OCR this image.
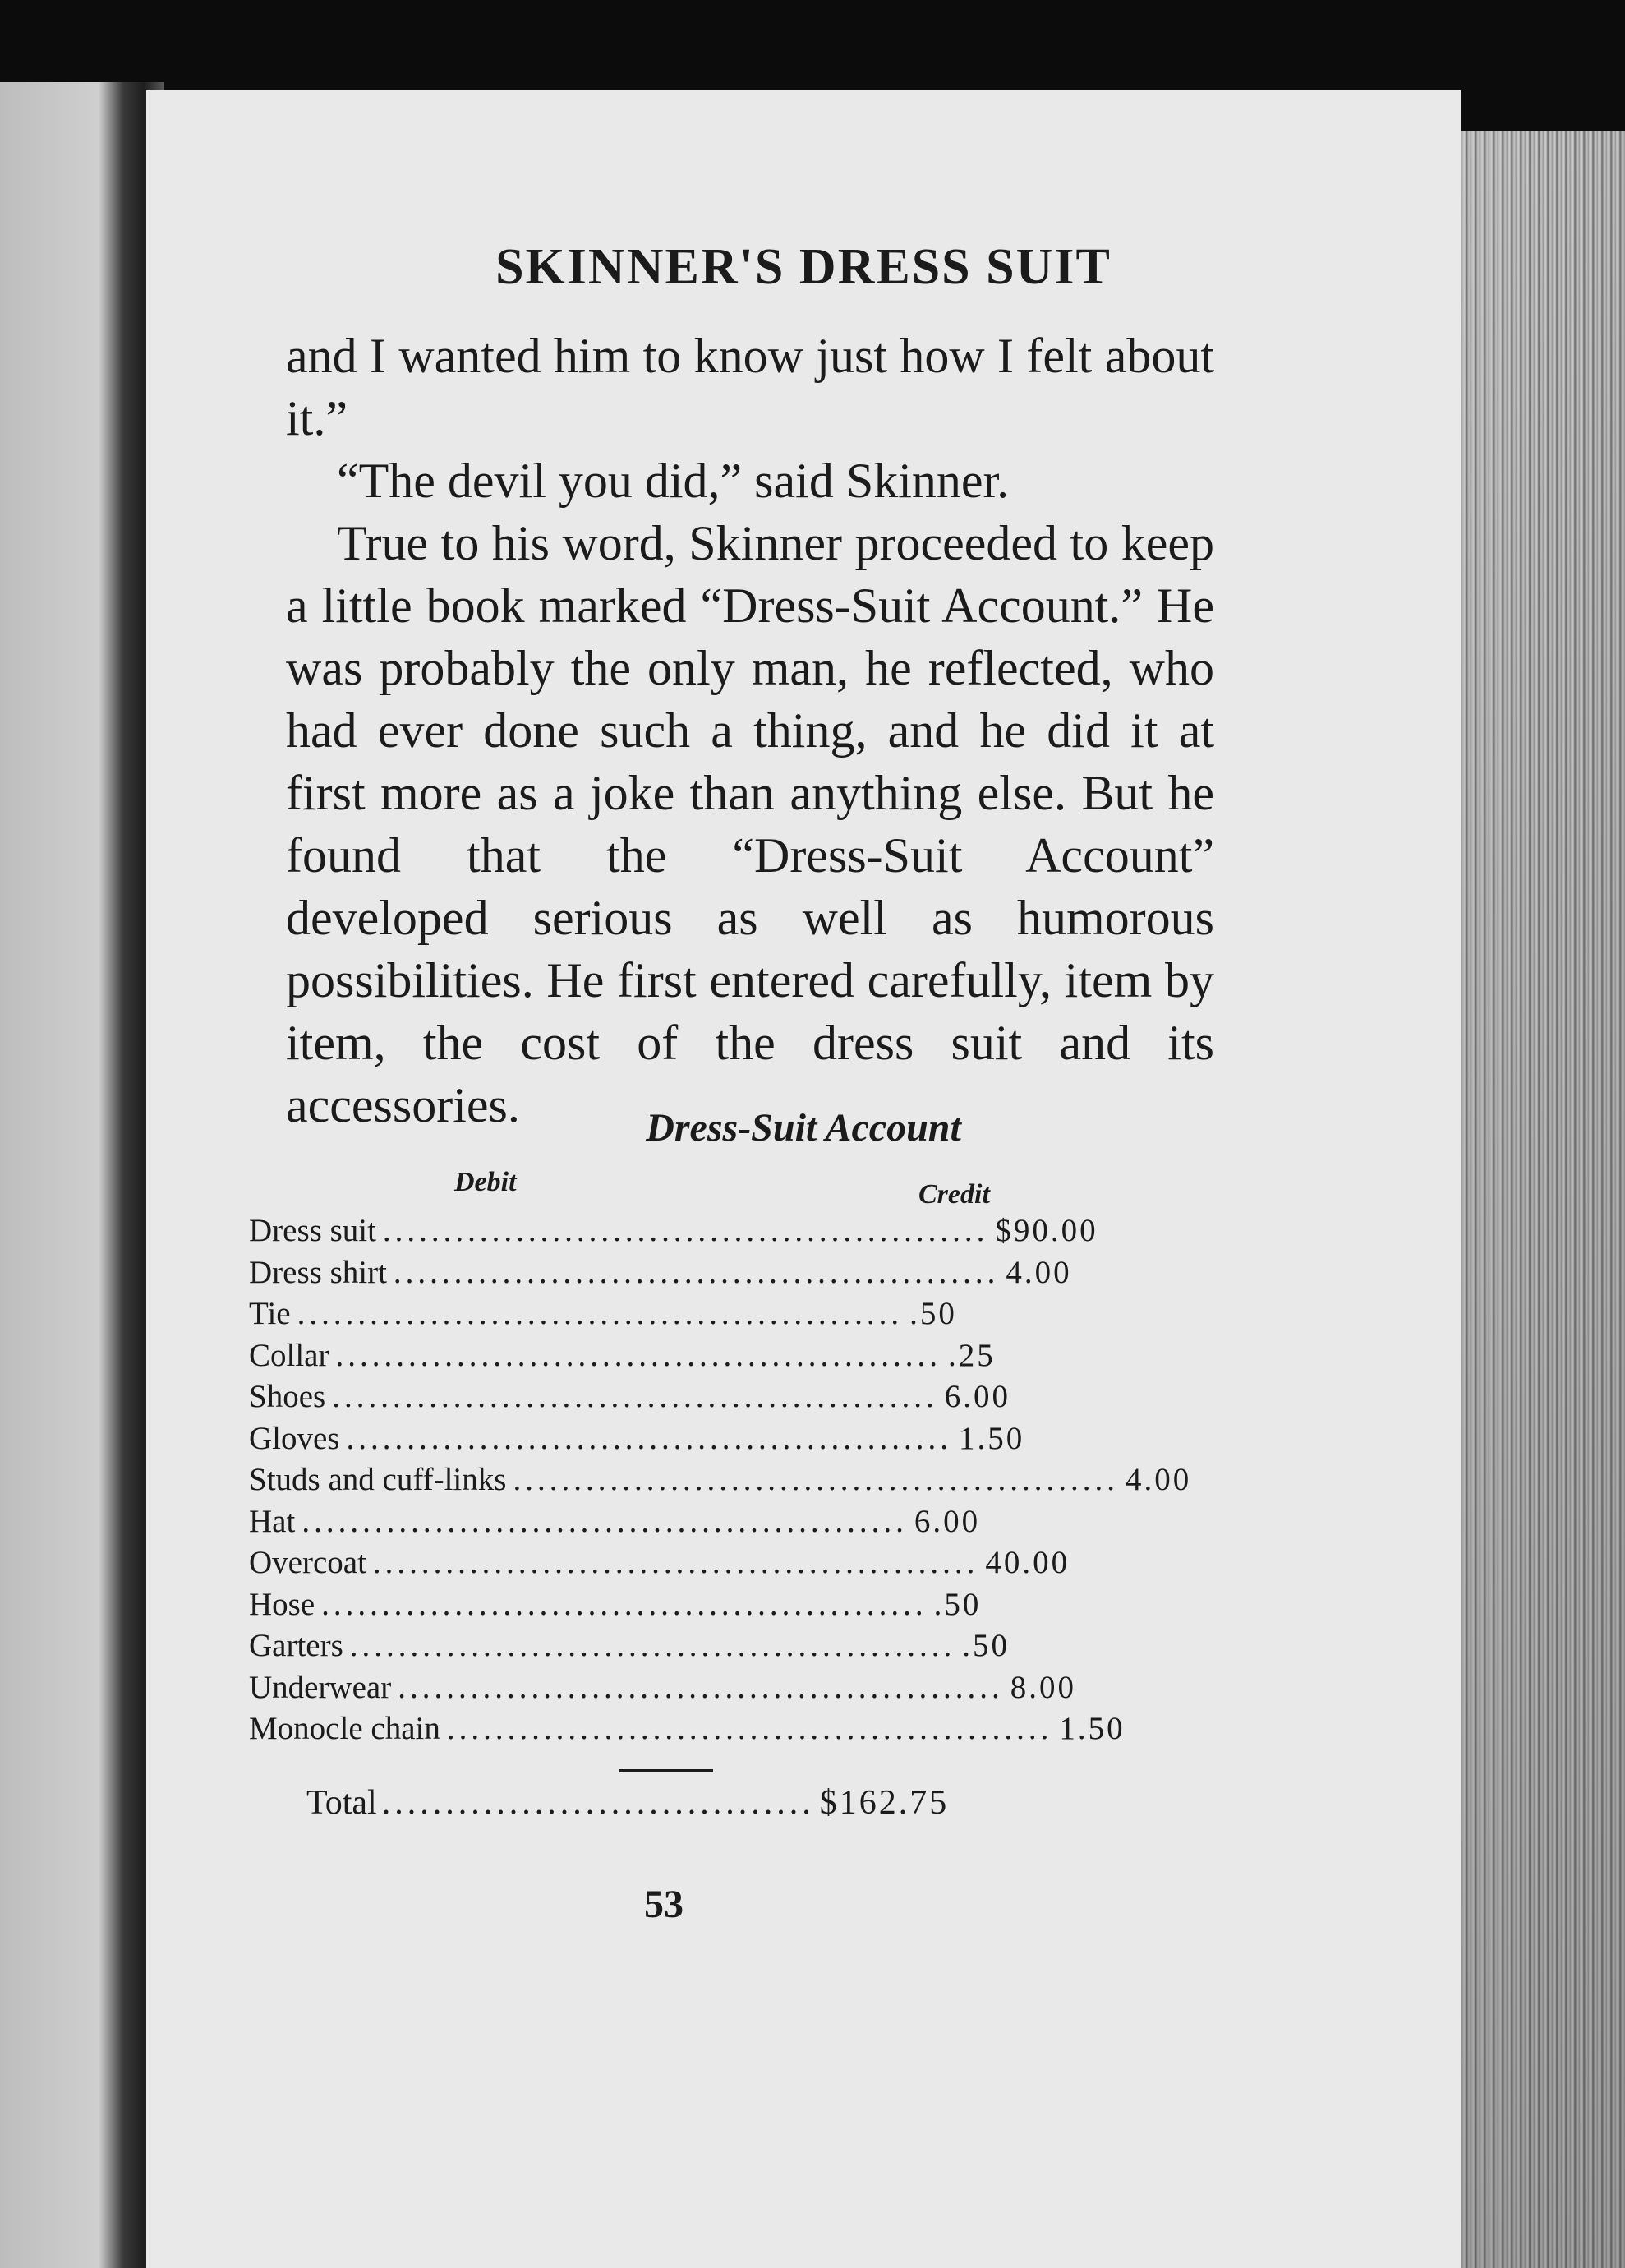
SKINNER'S DRESS SUIT

and I wanted him to know just how I felt about it.”

“The devil you did,” said Skinner.

True to his word, Skinner proceeded to keep a little book marked “Dress-Suit Account.” He was probably the only man, he reflected, who had ever done such a thing, and he did it at first more as a joke than anything else. But he found that the “Dress-Suit Account” developed serious as well as humorous possibilities. He first entered carefully, item by item, the cost of the dress suit and its accessories.	Dress-Suit Account
Debit	Credit
Dress suit .................................................. $90.00
Dress shirt .................................................. 4.00
Tie .................................................. .50
Collar .................................................. .25
Shoes .................................................. 6.00
Gloves .................................................. 1.50
Studs and cuff-links .................................................. 4.00
Hat .................................................. 6.00
Overcoat .................................................. 40.00
Hose .................................................. .50
Garters .................................................. .50
Underwear .................................................. 8.00
Monocle chain .................................................. 1.50
Total .................................. $162.75
53
